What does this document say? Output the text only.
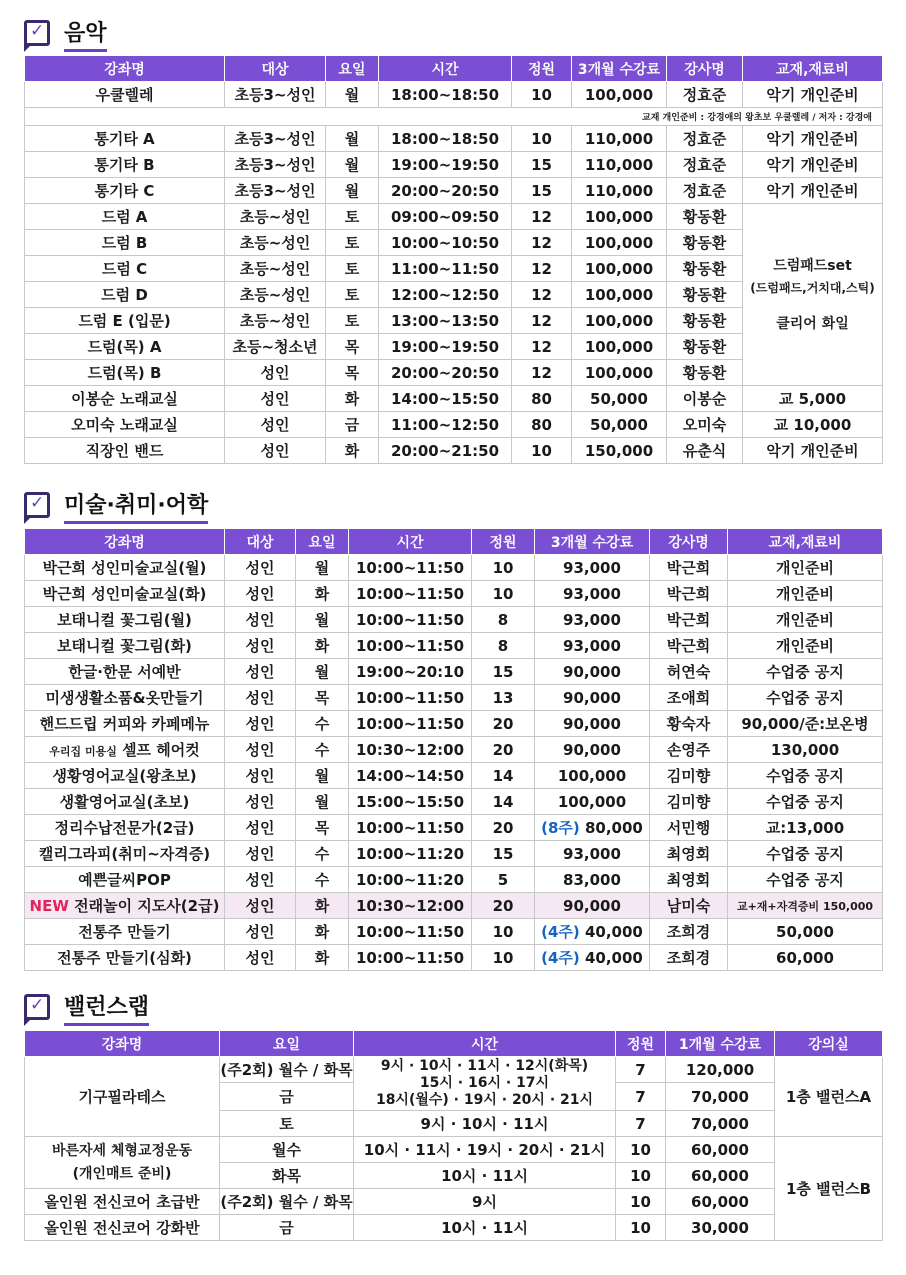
✓ 음악
강좌명	대상	요일	시간	정원	3개월 수강료	강사명	교재,재료비
우쿨렐레	초등3~성인	월	18:00~18:50	10	100,000	정효준	악기 개인준비
교재 개인준비 : 강경애의 왕초보 우쿨렐레 / 저자 : 강경애							
통기타 A	초등3~성인	월	18:00~18:50	10	110,000	정효준	악기 개인준비
통기타 B	초등3~성인	월	19:00~19:50	15	110,000	정효준	악기 개인준비
통기타 C	초등3~성인	월	20:00~20:50	15	110,000	정효준	악기 개인준비
드럼 A	초등~성인	토	09:00~09:50	12	100,000	황동환	드럼패드set
(드럼패드,거치대,스틱)
클리어 화일

드럼 B	초등~성인	토	10:00~10:50	12	100,000	황동환	
드럼 C	초등~성인	토	11:00~11:50	12	100,000	황동환	
드럼 D	초등~성인	토	12:00~12:50	12	100,000	황동환	
드럼 E (입문)	초등~성인	토	13:00~13:50	12	100,000	황동환	
드럼(목) A	초등~청소년	목	19:00~19:50	12	100,000	황동환	
드럼(목) B	성인	목	20:00~20:50	12	100,000	황동환	
이봉순 노래교실	성인	화	14:00~15:50	80	50,000	이봉순	교 5,000
오미숙 노래교실	성인	금	11:00~12:50	80	50,000	오미숙	교 10,000
직장인 밴드	성인	화	20:00~21:50	10	150,000	유춘식	악기 개인준비
✓ 미술·취미·어학
강좌명	대상	요일	시간	정원	3개월 수강료	강사명	교재,재료비
박근희 성인미술교실(월)	성인	월	10:00~11:50	10	93,000	박근희	개인준비
박근희 성인미술교실(화)	성인	화	10:00~11:50	10	93,000	박근희	개인준비
보태니컬 꽃그림(월)	성인	월	10:00~11:50	8	93,000	박근희	개인준비
보태니컬 꽃그림(화)	성인	화	10:00~11:50	8	93,000	박근희	개인준비
한글·한문 서예반	성인	월	19:00~20:10	15	90,000	허연숙	수업중 공지
미생생활소품&옷만들기	성인	목	10:00~11:50	13	90,000	조애희	수업중 공지
핸드드립 커피와 카페메뉴	성인	수	10:00~11:50	20	90,000	황숙자	90,000/준:보온병
우리집 미용실 셀프 헤어컷	성인	수	10:30~12:00	20	90,000	손영주	130,000
생황영어교실(왕초보)	성인	월	14:00~14:50	14	100,000	김미향	수업중 공지
생활영어교실(초보)	성인	월	15:00~15:50	14	100,000	김미향	수업중 공지
정리수납전문가(2급)	성인	목	10:00~11:50	20	(8주) 80,000	서민행	교:13,000
캘리그라피(취미~자격증)	성인	수	10:00~11:20	15	93,000	최영회	수업중 공지
예쁜글씨POP	성인	수	10:00~11:20	5	83,000	최영회	수업중 공지
NEW 전래놀이 지도사(2급)	성인	화	10:30~12:00	20	90,000	남미숙	교+재+자격증비 150,000
전통주 만들기	성인	화	10:00~11:50	10	(4주) 40,000	조희경	50,000
전통주 만들기(심화)	성인	화	10:00~11:50	10	(4주) 40,000	조희경	60,000
✓ 밸런스랩
강좌명	요일	시간	정원	1개월 수강료	강의실
기구필라테스	(주2회) 월수 / 화목	9시 · 10시 · 11시 · 12시(화목)
15시 · 16시 · 17시
18시(월수) · 19시 · 20시 · 21시	7	120,000	1층 밸런스A
	금		7	70,000	
	토	9시 · 10시 · 11시	7	70,000	

바른자세 체형교정운동
(개인매트 준비)	월수	10시 · 11시 · 19시 · 20시 · 21시	10	60,000	1층 밸런스B
	화목	10시 · 11시	10	60,000	
올인원 전신코어 초급반	(주2회) 월수 / 화목	9시	10	60,000	
올인원 전신코어 강화반	금	10시 · 11시	10	30,000	
